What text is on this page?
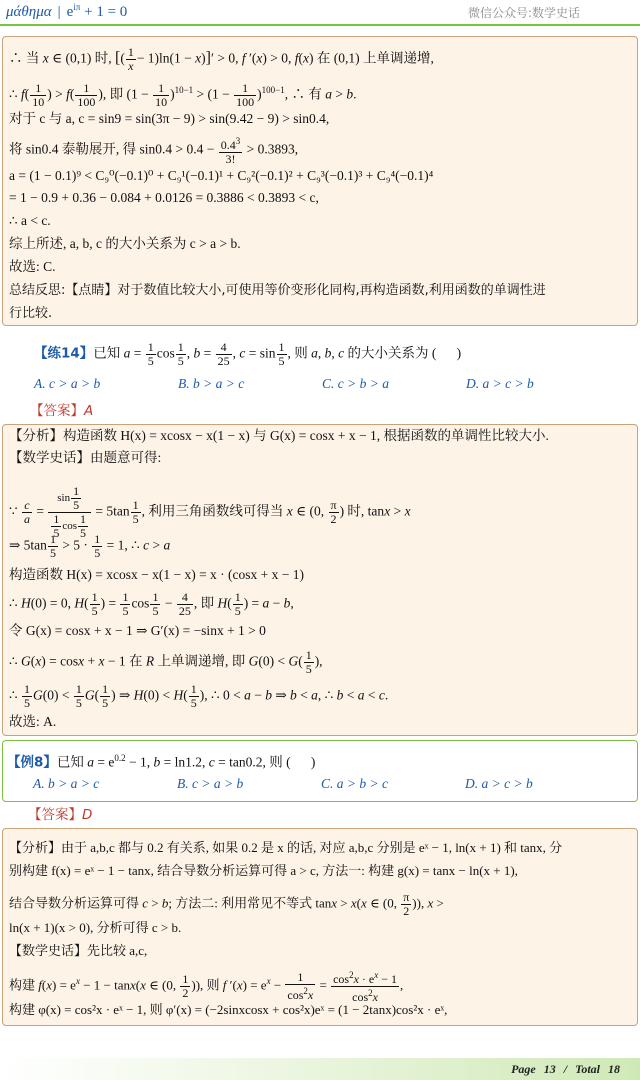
μάθημα | $e^{i\pi} + 1 = 0$	微信公众号:数学史话
∴ 当 x ∈ (0,1) 时, [( $\frac{1}{x} - 1)\ln(1 - x)]' > 0$, f ′(x) > 0, f(x) 在 (0,1) 上单调递增,
∴ $f( \frac{1}{10}$ ) > $f( \frac{1}{100}$ ), 即 $(1 - \frac{1}{10} )^{10-1} > (1 - \frac{1}{100} )^{100-1}$, ∴ 有 a > b.
对于 c 与 a, c = sin9 = sin(3π − 9) > sin(9.42 − 9) > sin0.4,
将 sin0.4 泰勒展开, 得 $\sin 0.4 > 0.4 - \frac{0.4^3}{3!} > 0.3893$,
a = (1 − 0.1)⁹ < C₉⁰(−0.1)⁰ + C₉¹(−0.1)¹ + C₉²(−0.1)² + C₉³(−0.1)³ + C₉⁴(−0.1)⁴
= 1 − 0.9 + 0.36 − 0.084 + 0.0126 = 0.3886 < 0.3893 < c,
∴ a < c.
综上所述, a, b, c 的大小关系为 c > a > b.
故选: C.
总结反思:【点睛】对于数值比较大小,可使用等价变形化同构,再构造函数,利用函数的单调性进
行比较.
【练14】已知 $a = \frac{1}{5}$ $\cos \frac{1}{5}$ , $b = \frac{4}{25}$ , $c = \sin \frac{1}{5}$ , 则 a, b, c 的大小关系为 (      )
A. c > a > b	B. b > a > c	C. c > b > a	D. a > c > b
【答案】A
【分析】构造函数 H(x) = xcosx − x(1 − x) 与 G(x) = cosx + x − 1, 根据函数的单调性比较大小.
【数学史话】由题意可得:
∵ $\frac{c}{a} = \frac{\sin \frac{1}{5}}{\frac{1}{5} \cos \frac{1}{5}} = 5\tan \frac{1}{5}$ , 利用三角函数线可得当 x ∈ (0, $\frac{\pi}{2}$ ) 时, tanx > x
⇒ $5\tan \frac{1}{5} > 5 \cdot \frac{1}{5} = 1$, ∴ c > a
构造函数 H(x) = xcosx − x(1 − x) = x · (cosx + x − 1)
∴ H(0) = 0, $H( \frac{1}{5}$ ) = $\frac{1}{5}$ $\cos \frac{1}{5} - \frac{4}{25}$ , 即 $H( \frac{1}{5}$ ) = a − b,
令 G(x) = cosx + x − 1 ⇒ G′(x) = −sinx + 1 > 0
∴ G(x) = cosx + x − 1 在 R 上单调递增, 即 $G(0) < G( \frac{1}{5}$ ),
∴ $\frac{1}{5} G(0) < \frac{1}{5} G( \frac{1}{5}$ ) ⇒ $H(0) < H( \frac{1}{5}$ ), ∴ 0 < a − b ⇒ b < a, ∴ b < a < c.
故选: A.
【例8】已知 $a = e^{0.2} - 1$, b = ln1.2, c = tan0.2, 则 (      )
A. b > a > c	B. c > a > b	C. a > b > c	D. a > c > b
【答案】D
【分析】由于 a,b,c 都与 0.2 有关系, 如果 0.2 是 x 的话, 对应 a,b,c 分别是 eˣ − 1, ln(x + 1) 和 tanx, 分
别构建 f(x) = eˣ − 1 − tanx, 结合导数分析运算可得 a > c, 方法一: 构建 g(x) = tanx − ln(x + 1),
结合导数分析运算可得 c > b; 方法二: 利用常见不等式 tanx > x(x ∈ (0, $\frac{\pi}{2}$ )), x >
ln(x + 1)(x > 0), 分析可得 c > b.
【数学史话】先比较 a,c,
构建 $f(x) = e^x - 1 - \tan x(x$ ∈ (0, $\frac{1}{2}$ )), 则 f $'(x) = e^x - \frac{1}{\cos^2x} = \frac{\cos^2x \cdot e^x - 1}{\cos^2x}$ ,
构建 φ(x) = cos²x · eˣ − 1, 则 φ′(x) = (−2sinxcosx + cos²x)eˣ = (1 − 2tanx)cos²x · eˣ,
Page 13 / Total 18
